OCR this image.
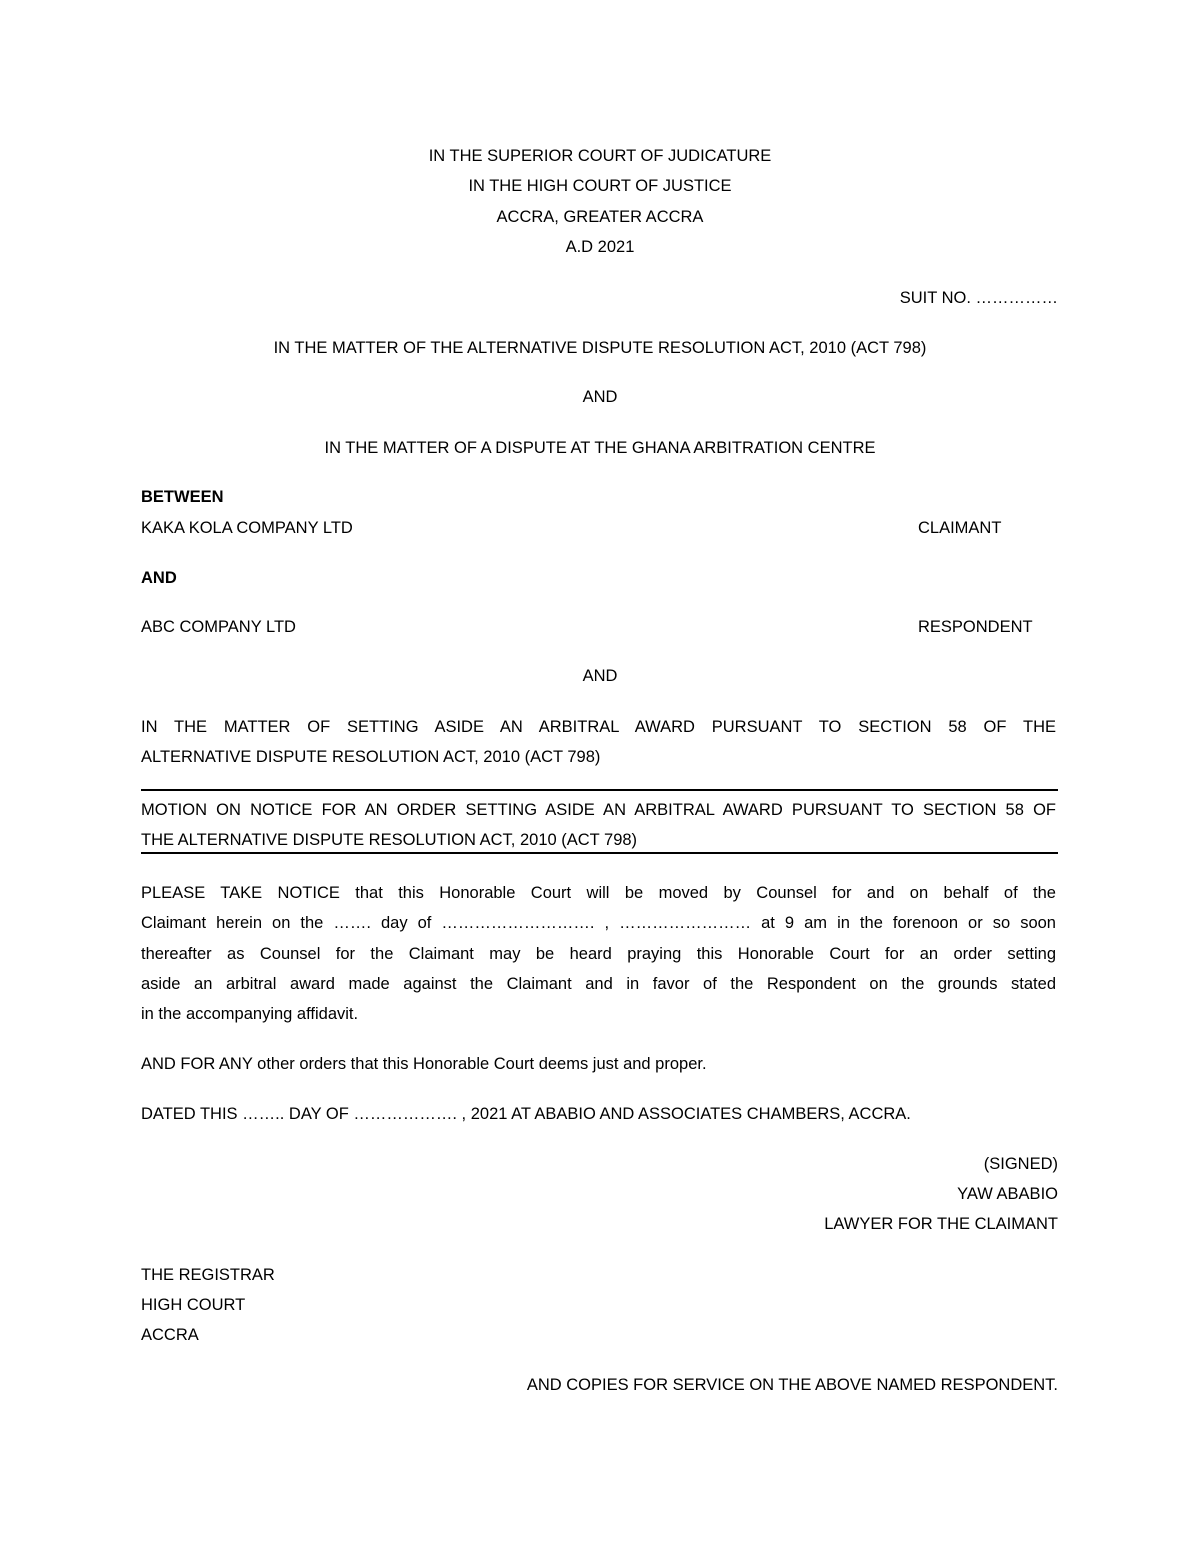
IN THE SUPERIOR COURT OF JUDICATURE
IN THE HIGH COURT OF JUSTICE
ACCRA, GREATER ACCRA
A.D 2021
SUIT NO. ……………
IN THE MATTER OF THE ALTERNATIVE DISPUTE RESOLUTION ACT, 2010 (ACT 798)
AND
IN THE MATTER OF A DISPUTE AT THE GHANA ARBITRATION CENTRE
BETWEEN
KAKA KOLA COMPANY LTD	CLAIMANT
AND
ABC COMPANY LTD	RESPONDENT
AND
IN THE MATTER OF SETTING ASIDE AN ARBITRAL AWARD PURSUANT TO SECTION 58 OF THE
ALTERNATIVE DISPUTE RESOLUTION ACT, 2010 (ACT 798)
MOTION ON NOTICE FOR AN ORDER SETTING ASIDE AN ARBITRAL AWARD PURSUANT TO SECTION 58 OF
THE ALTERNATIVE DISPUTE RESOLUTION ACT, 2010 (ACT 798)
PLEASE TAKE NOTICE that this Honorable Court will be moved by Counsel for and on behalf of the
Claimant herein on the ……. day of ………………………. , …………………… at 9 am in the forenoon or so soon
thereafter as Counsel for the Claimant may be heard praying this Honorable Court for an order setting
aside an arbitral award made against the Claimant and in favor of the Respondent on the grounds stated
in the accompanying affidavit.
AND FOR ANY other orders that this Honorable Court deems just and proper.
DATED THIS …….. DAY OF ………………. , 2021 AT ABABIO AND ASSOCIATES CHAMBERS, ACCRA.
(SIGNED)
YAW ABABIO
LAWYER FOR THE CLAIMANT
THE REGISTRAR
HIGH COURT
ACCRA
AND COPIES FOR SERVICE ON THE ABOVE NAMED RESPONDENT.
